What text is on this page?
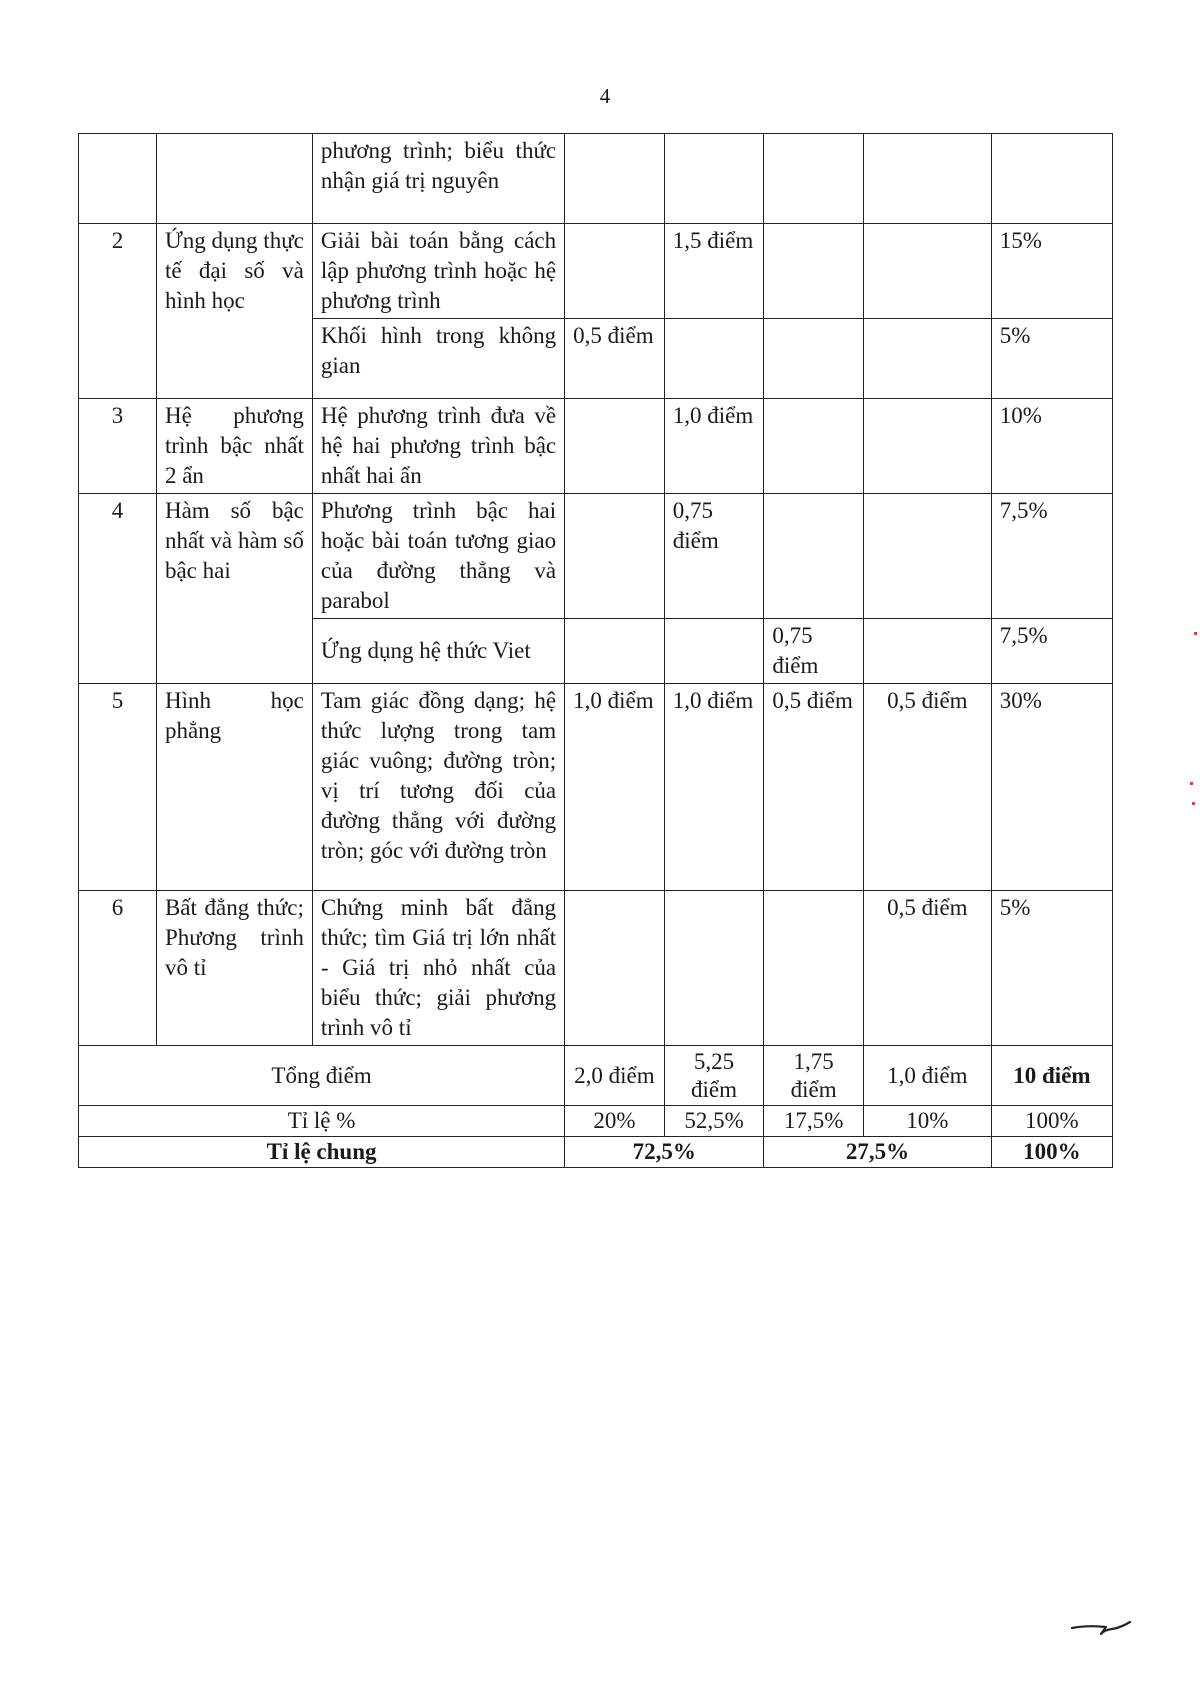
4
		phương trình; biểu thức nhận giá trị nguyên					
2	Ứng dụng thực tế đại số và hình học	Giải bài toán bằng cách lập phương trình hoặc hệ phương trình		1,5 điểm			15%
		Khối hình trong không gian	0,5 điểm				5%
3	Hệ phương trình bậc nhất 2 ẩn	Hệ phương trình đưa về hệ hai phương trình bậc nhất hai ẩn		1,0 điểm			10%
4	Hàm số bậc nhất và hàm số bậc hai	Phương trình bậc hai hoặc bài toán tương giao của đường thẳng và parabol		0,75 điểm			7,5%
		Ứng dụng hệ thức Viet			0,75 điểm		7,5%
5	Hình học phẳng	Tam giác đồng dạng; hệ thức lượng trong tam giác vuông; đường tròn; vị trí tương đối của đường thẳng với đường tròn; góc với đường tròn	1,0 điểm	1,0 điểm	0,5 điểm	0,5 điểm	30%
6	Bất đẳng thức; Phương trình vô tỉ	Chứng minh bất đẳng thức; tìm Giá trị lớn nhất - Giá trị nhỏ nhất của biểu thức; giải phương trình vô tỉ				0,5 điểm	5%
Tổng điểm			2,0 điểm	5,25 điểm	1,75 điểm	1,0 điểm	10 điểm
Tỉ lệ %			20%	52,5%	17,5%	10%	100%
Tỉ lệ chung			72,5%		27,5%		100%
